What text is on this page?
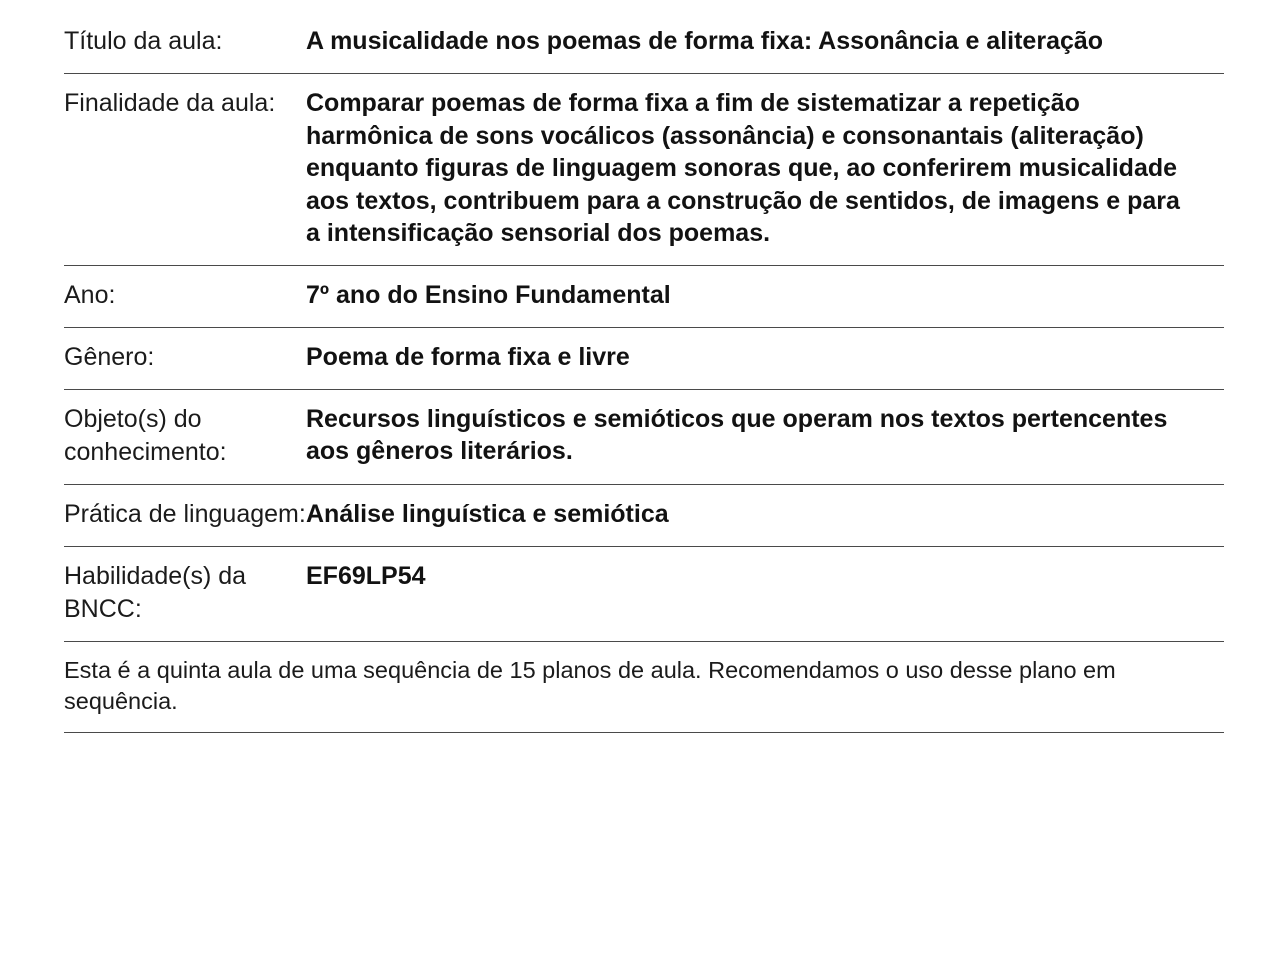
Título da aula:	A musicalidade nos poemas de forma fixa: Assonância e aliteração

Finalidade da aula:	Comparar poemas de forma fixa a fim de sistematizar a repetição harmônica de sons vocálicos (assonância) e consonantais (aliteração) enquanto figuras de linguagem sonoras que, ao conferirem musicalidade aos textos, contribuem para a construção de sentidos, de imagens e para a intensificação sensorial dos poemas.

Ano:	7º ano do Ensino Fundamental

Gênero:	Poema de forma fixa e livre

Objeto(s) do conhecimento:	Recursos linguísticos e semióticos que operam nos textos pertencentes aos gêneros literários.

Prática de linguagem:	Análise linguística e semiótica

Habilidade(s) da BNCC:	EF69LP54

Esta é a quinta aula de uma sequência de 15 planos de aula. Recomendamos o uso desse plano em sequência.	
